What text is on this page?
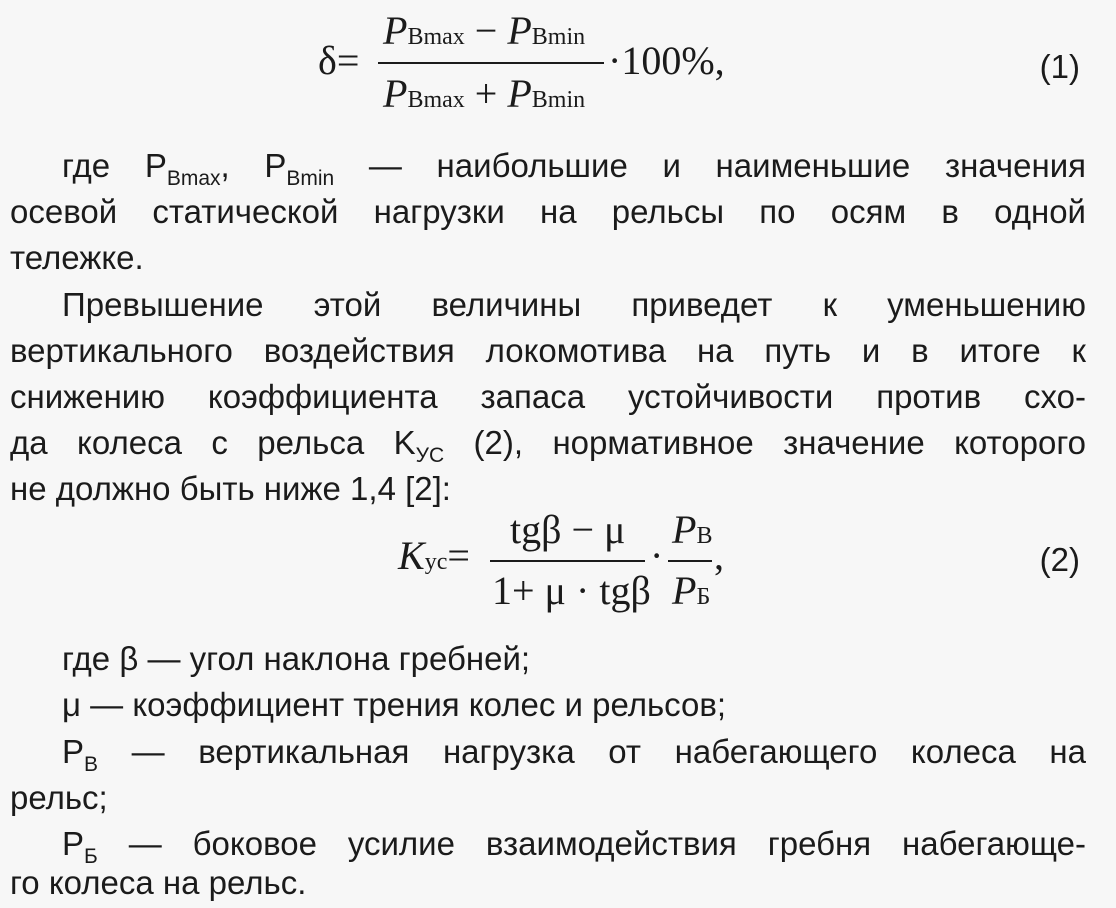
δ=
PBmax − PBmin
PBmax + PBmin
·100%,	(1)
где $P_{Bmax}$, $P_{Bmin}$ — наибольшие и наименьшие значения
осевой статической нагрузки на рельсы по осям в одной
тележке.
Превышение этой величины приведет к уменьшению
вертикального воздействия локомотива на путь и в итоге к
снижению коэффициента запаса устойчивости против схо-
да колеса с рельса $K_{УС}$ (2), нормативное значение которого
не должно быть ниже 1,4 [2]:
Kус=
tgβ − μ
1+ μ · tgβ
·
PВ
PБ
,	(2)
где β — угол наклона гребней;
μ — коэффициент трения колес и рельсов;
$P_В$ — вертикальная нагрузка от набегающего колеса на
рельс;
$P_Б$ — боковое усилие взаимодействия гребня набегающе-
го колеса на рельс.
